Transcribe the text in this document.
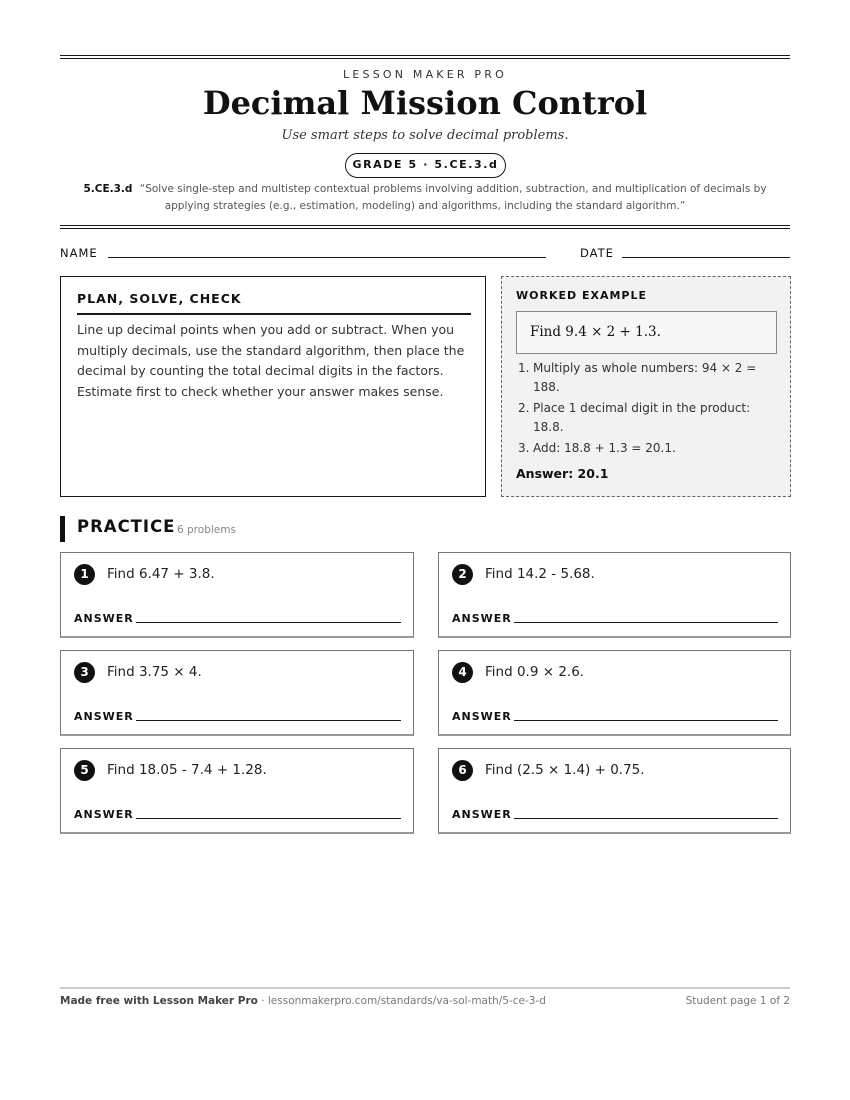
LESSON MAKER PRO
Decimal Mission Control
Use smart steps to solve decimal problems.
GRADE 5 · 5.CE.3.d
5.CE.3.d “Solve single-step and multistep contextual problems involving addition, subtraction, and multiplication of decimals by applying strategies (e.g., estimation, modeling) and algorithms, including the standard algorithm.”
NAME	DATE
PLAN, SOLVE, CHECK
Line up decimal points when you add or subtract. When you multiply decimals, use the standard algorithm, then place the decimal by counting the total decimal digits in the factors. Estimate first to check whether your answer makes sense.
WORKED EXAMPLE
Find 9.4 × 2 + 1.3.
1. Multiply as whole numbers: 94 × 2 = 188.
2. Place 1 decimal digit in the product: 18.8.
3. Add: 18.8 + 1.3 = 20.1.
Answer: 20.1
PRACTICE 6 problems
1	Find 6.47 + 3.8.
ANSWER
2	Find 14.2 - 5.68.
ANSWER
3	Find 3.75 × 4.
ANSWER
4	Find 0.9 × 2.6.
ANSWER
5	Find 18.05 - 7.4 + 1.28.
ANSWER
6	Find (2.5 × 1.4) + 0.75.
ANSWER
Made free with Lesson Maker Pro · lessonmakerpro.com/standards/va-sol-math/5-ce-3-d	Student page 1 of 2
